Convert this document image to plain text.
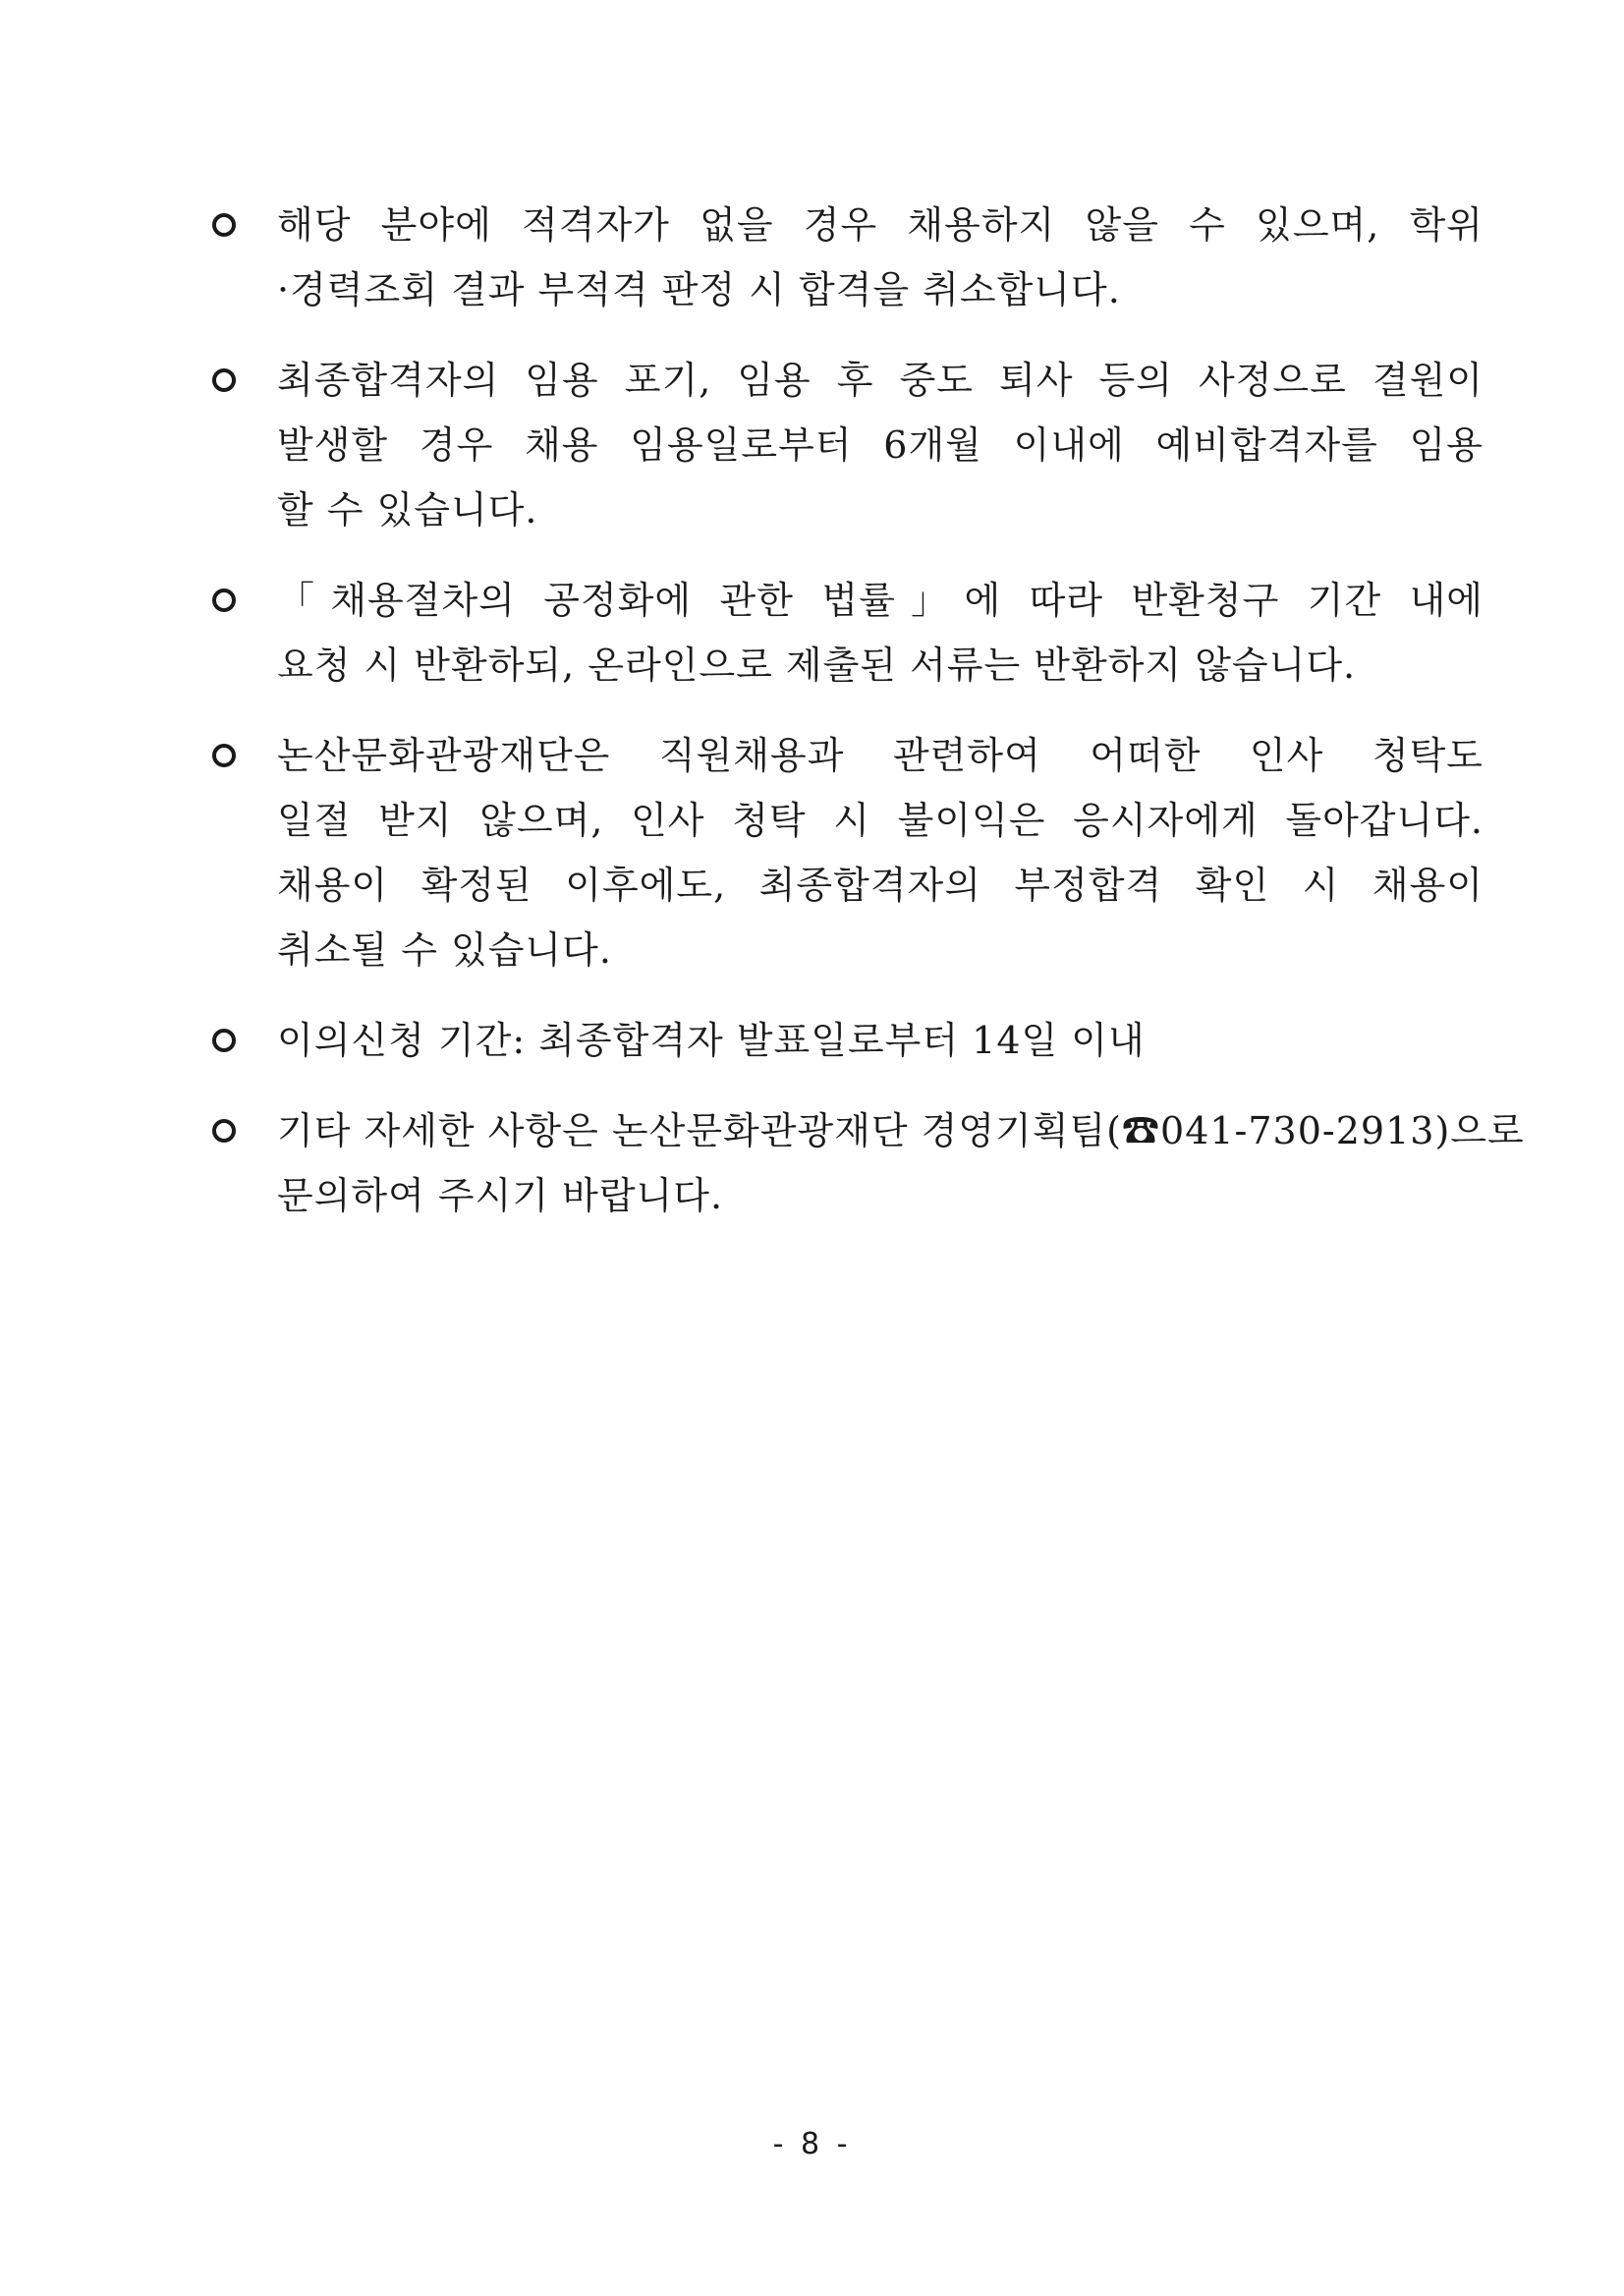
해당 분야에 적격자가 없을 경우 채용하지 않을 수 있으며, 학위
·경력조회 결과 부적격 판정 시 합격을 취소합니다.
최종합격자의 임용 포기, 임용 후 중도 퇴사 등의 사정으로 결원이
발생할 경우 채용 임용일로부터 6개월 이내에 예비합격자를 임용
할 수 있습니다.
「채용절차의 공정화에 관한 법률」에 따라 반환청구 기간 내에
요청 시 반환하되, 온라인으로 제출된 서류는 반환하지 않습니다.
논산문화관광재단은 직원채용과 관련하여 어떠한 인사 청탁도
일절 받지 않으며, 인사 청탁 시 불이익은 응시자에게 돌아갑니다.
채용이 확정된 이후에도, 최종합격자의 부정합격 확인 시 채용이
취소될 수 있습니다.
이의신청 기간: 최종합격자 발표일로부터 14일 이내
기타 자세한 사항은 논산문화관광재단 경영기획팀(☎041-730-2913)으로
문의하여 주시기 바랍니다.
- 8 -
